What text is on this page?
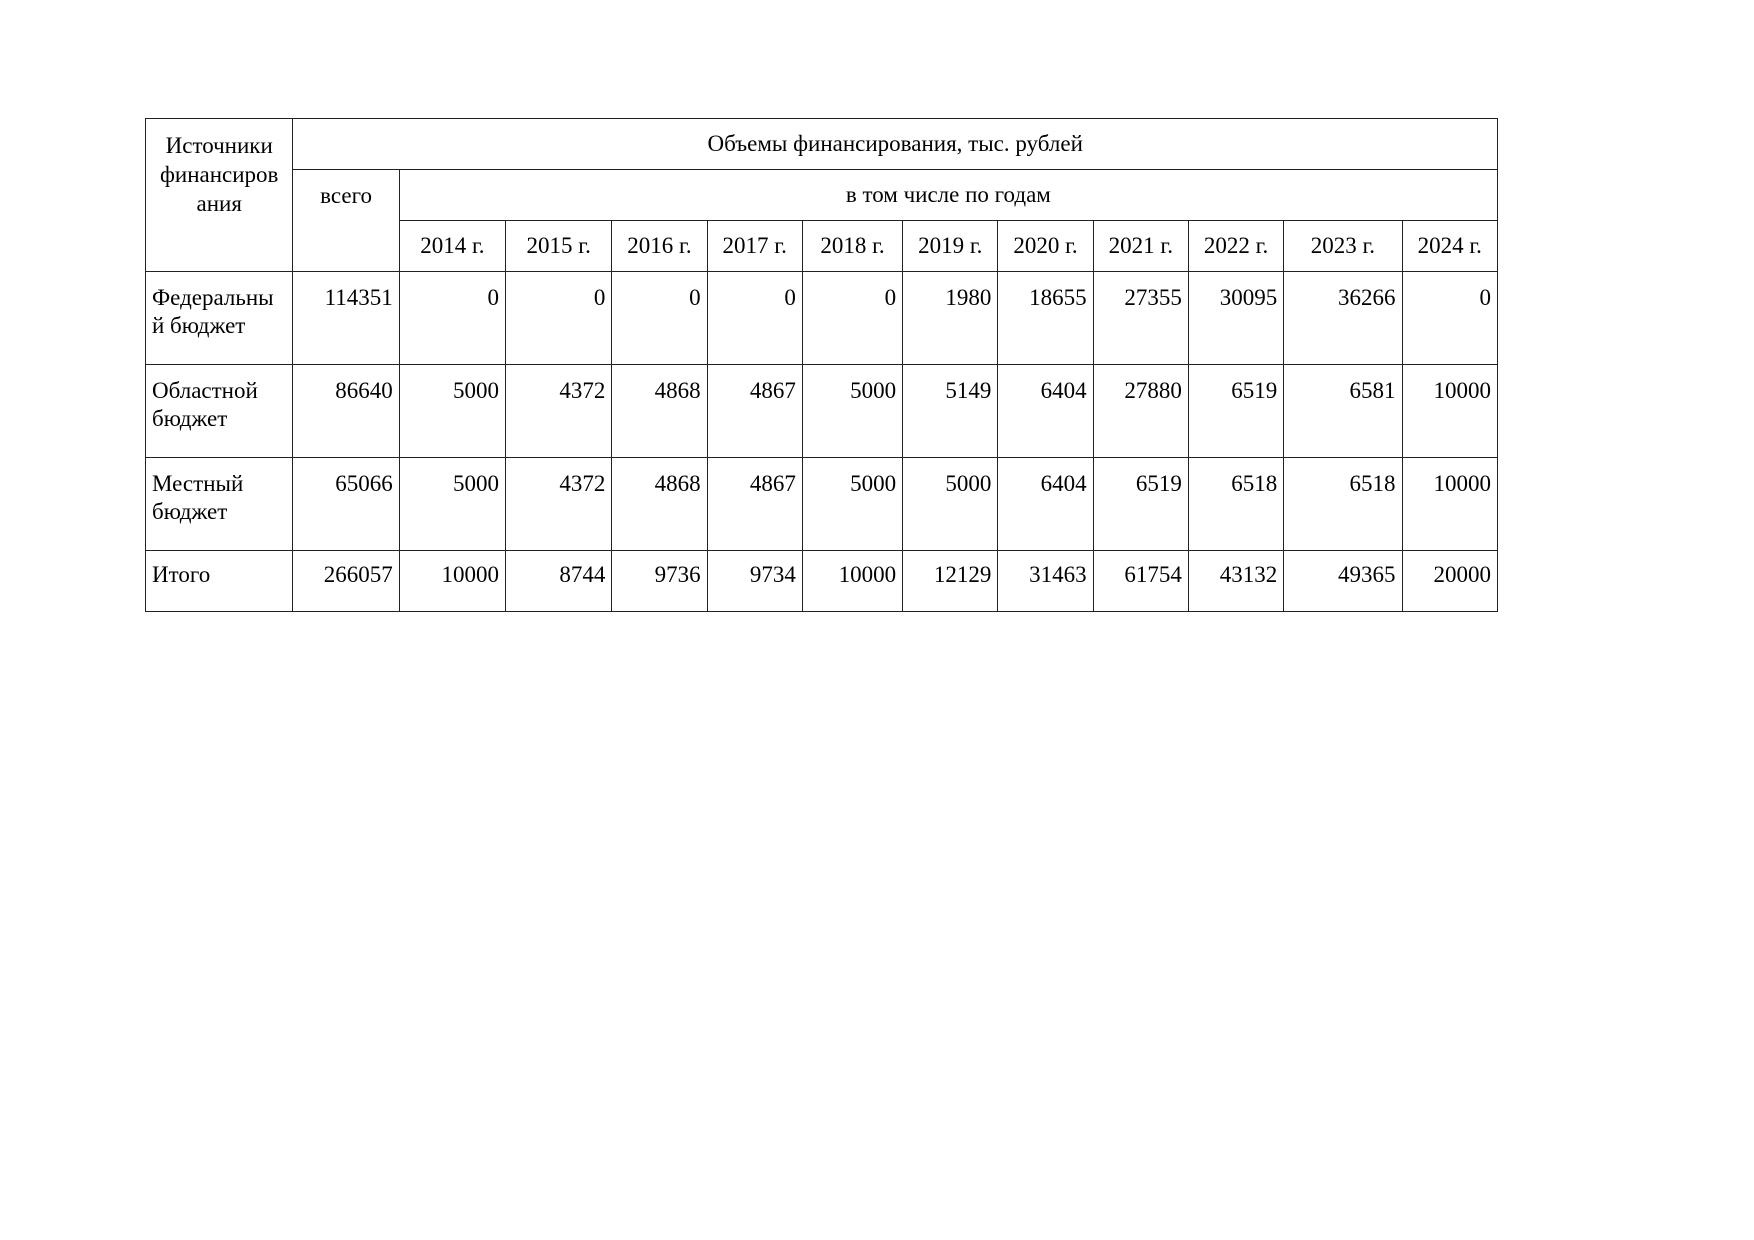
Источники финансиров ания	Объемы финансирования, тыс. рублей											
	всего	в том числе по годам										
		2014 г.	2015 г.	2016 г.	2017 г.	2018 г.	2019 г.	2020 г.	2021 г.	2022 г.	2023 г.	2024 г.
Федеральны й бюджет	114351	0	0	0	0	0	1980	18655	27355	30095	36266	0
Областной бюджет	86640	5000	4372	4868	4867	5000	5149	6404	27880	6519	6581	10000
Местный бюджет	65066	5000	4372	4868	4867	5000	5000	6404	6519	6518	6518	10000
Итого	266057	10000	8744	9736	9734	10000	12129	31463	61754	43132	49365	20000
